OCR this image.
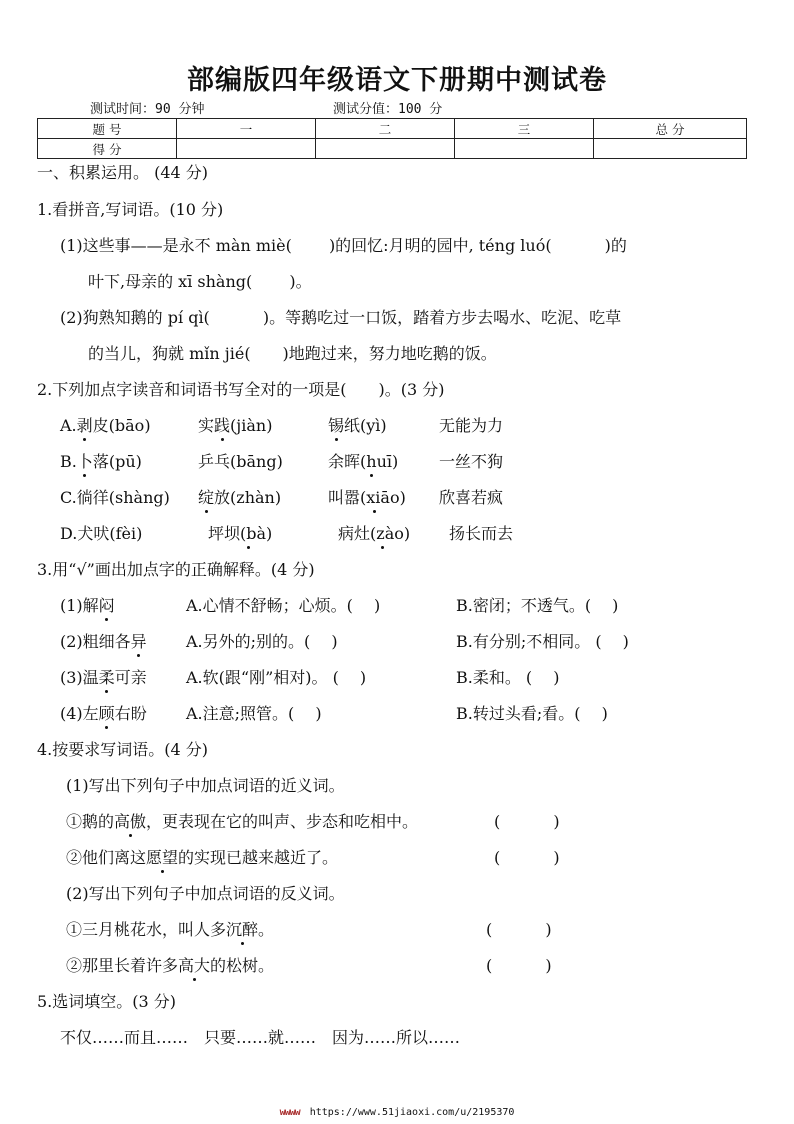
部编版四年级语文下册期中测试卷
测试时间：90 分钟	测试分值：100 分
题 号	一	二	三	总 分
得 分				
一、积累运用。 (44 分)
1.看拼音,写词语。(10 分)
(1)这些事——是永不 màn miè(　　 )的回忆:月明的园中, téng luó(　　　 )的
叶下,母亲的 xī shàng(　　 )。
(2)狗熟知鹅的 pí qì(　　　 )。等鹅吃过一口饭，踏着方步去喝水、吃泥、吃草
的当儿，狗就 mǐn jié(　　)地跑过来，努力地吃鹅的饭。
2.下列加点字读音和词语书写全对的一项是(　　)。(3 分)
A.剥皮(bāo)	实践(jiàn)	锡纸(yì)	无能为力
B.卜落(pū)	乒乓(bāng)	余晖(huī)	一丝不狗
C.徜徉(shàng) 绽放(zhàn)	叫嚣(xiāo) 欣喜若疯
D.犬吠(fèi)	坪坝(bà)	病灶(zào) 扬长而去
3.用“√”画出加点字的正确解释。(4 分)
(1)解闷	A.心情不舒畅；心烦。(　 )	B.密闭；不透气。(　 )
(2)粗细各异 A.另外的;别的。(　 )	B.有分别;不相同。 (　 )
(3)温柔可亲 A.软(跟“刚”相对)。 (　 )	B.柔和。 (　 )
(4)左顾右盼 A.注意;照管。(　 )	B.转过头看;看。(　 )
4.按要求写词语。(4 分)
(1)写出下列句子中加点词语的近义词。
①鹅的高傲，更表现在它的叫声、步态和吃相中。	(　　　 )
②他们离这愿望的实现已越来越近了。	(　　　 )
(2)写出下列句子中加点词语的反义词。
①三月桃花水，叫人多沉醉。	(　　　 )
②那里长着许多高大的松树。	(　　　 )
5.选词填空。(3 分)
不仅……而且……　只要……就……　因为……所以……
wwww https://www.51jiaoxi.com/u/2195370
